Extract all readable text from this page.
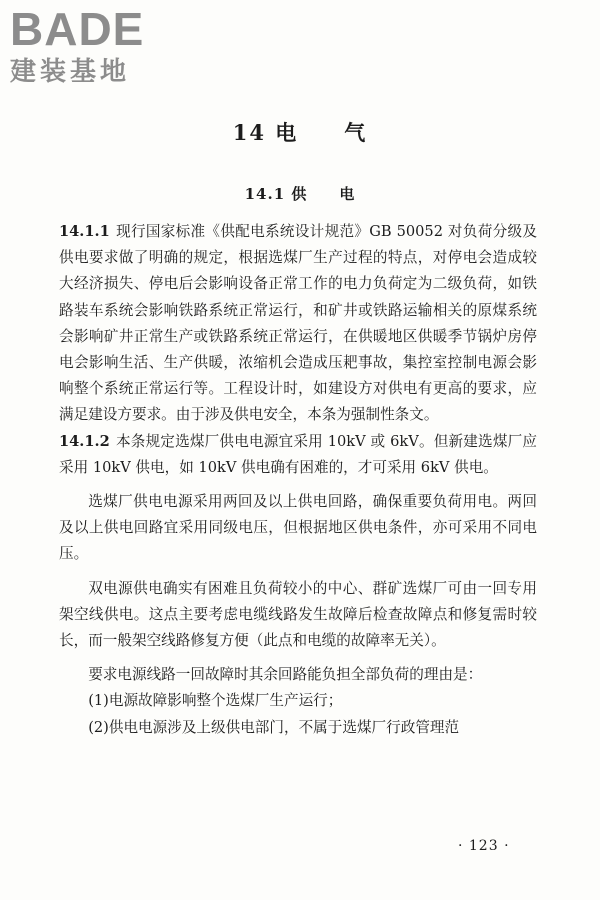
BADE
建装基地
14 电　　气
14.1 供　　电

14.1.1 现行国家标准《供配电系统设计规范》GB 50052 对负荷分级及供电要求做了明确的规定，根据选煤厂生产过程的特点，对停电会造成较大经济损失、停电后会影响设备正常工作的电力负荷定为二级负荷，如铁路装车系统会影响铁路系统正常运行，和矿井或铁路运输相关的原煤系统会影响矿井正常生产或铁路系统正常运行，在供暖地区供暖季节锅炉房停电会影响生活、生产供暖，浓缩机会造成压耙事故，集控室控制电源会影响整个系统正常运行等。工程设计时，如建设方对供电有更高的要求，应满足建设方要求。由于涉及供电安全，本条为强制性条文。

14.1.2 本条规定选煤厂供电电源宜采用 10kV 或 6kV。但新建选煤厂应采用 10kV 供电，如 10kV 供电确有困难的，才可采用 6kV 供电。

选煤厂供电电源采用两回及以上供电回路，确保重要负荷用电。两回及以上供电回路宜采用同级电压，但根据地区供电条件，亦可采用不同电压。

双电源供电确实有困难且负荷较小的中心、群矿选煤厂可由一回专用架空线供电。这点主要考虑电缆线路发生故障后检查故障点和修复需时较长，而一般架空线路修复方便（此点和电缆的故障率无关）。

要求电源线路一回故障时其余回路能负担全部负荷的理由是：

(1)电源故障影响整个选煤厂生产运行；

(2)供电电源涉及上级供电部门，不属于选煤厂行政管理范

· 123 ·
